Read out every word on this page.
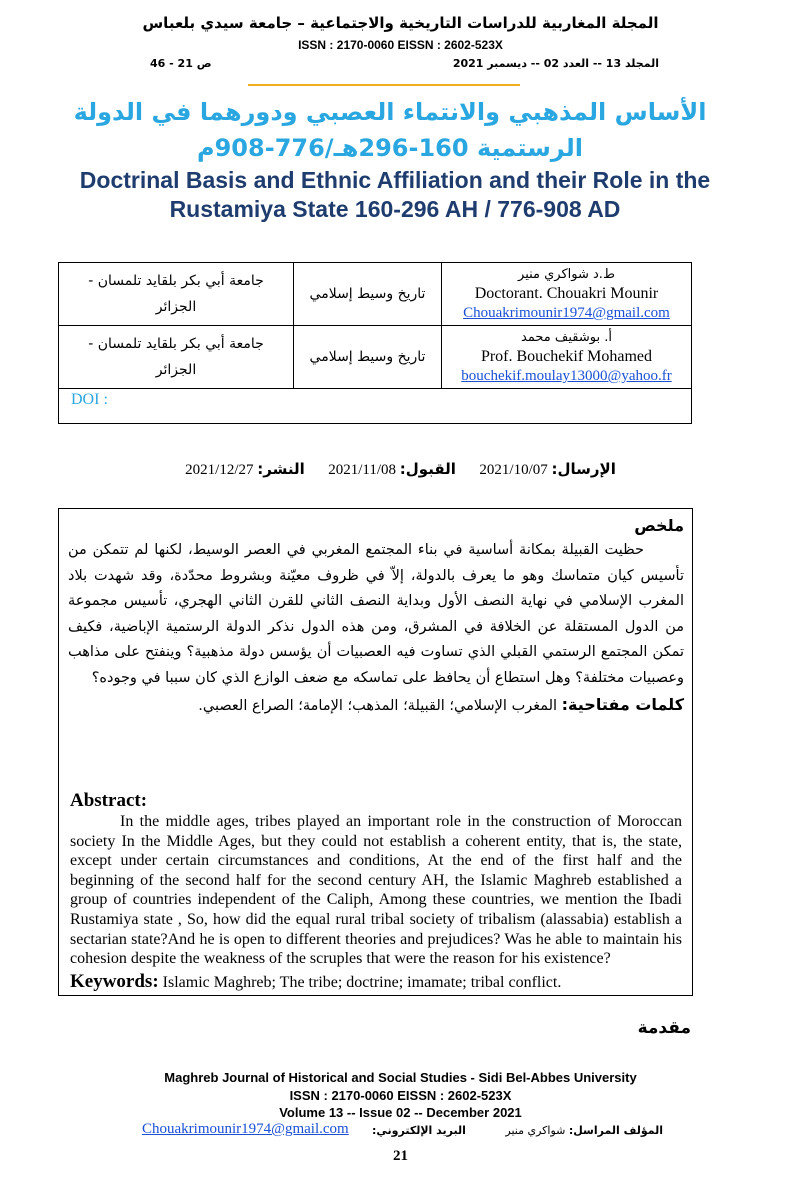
المجلة المغاربية للدراسات التاريخية والاجتماعية – جامعة سيدي بلعباس
ISSN : 2170-0060 EISSN : 2602-523X
المجلد 13 -- العدد 02 -- ديسمبر 2021
ص 21 - 46
الأساس المذهبي والانتماء العصبي ودورهما في الدولة الرستمية 160-296هـ/776-908م
Doctrinal Basis and Ethnic Affiliation and their Role in the Rustamiya State 160-296 AH / 776-908 AD
ط.د شواكري منير
Doctorant. Chouakri Mounir
Chouakrimounir1974@gmail.com	تاريخ وسيط إسلامي	جامعة أبي بكر بلقايد تلمسان - الجزائر

أ. بوشقيف محمد
Prof. Bouchekif Mohamed
bouchekif.moulay13000@yahoo.fr	تاريخ وسيط إسلامي	جامعة أبي بكر بلقايد تلمسان - الجزائر
DOI :		
الإرسال: 2021/10/07  القبول: 2021/11/08  النشر: 2021/12/27
ملخص
حظيت القبيلة بمكانة أساسية في بناء المجتمع المغربي في العصر الوسيط، لكنها لم تتمكن من تأسيس كيان متماسك وهو ما يعرف بالدولة، إلاّ في ظروف معيّنة وبشروط محدّدة، وقد شهدت بلاد المغرب الإسلامي في نهاية النصف الأول وبداية النصف الثاني للقرن الثاني الهجري، تأسيس مجموعة من الدول المستقلة عن الخلافة في المشرق، ومن هذه الدول نذكر الدولة الرستمية الإباضية، فكيف تمكن المجتمع الرستمي القبلي الذي تساوت فيه العصبيات أن يؤسس دولة مذهبية؟ وينفتح على مذاهب وعصبيات مختلفة؟ وهل استطاع أن يحافظ على تماسكه مع ضعف الوازع الذي كان سببا في وجوده؟
كلمات مفتاحية: المغرب الإسلامي؛ القبيلة؛ المذهب؛ الإمامة؛ الصراع العصبي.
Abstract:
In the middle ages, tribes played an important role in the construction of Moroccan society In the Middle Ages, but they could not establish a coherent entity, that is, the state, except under certain circumstances and conditions, At the end of the first half and the beginning of the second half for the second century AH, the Islamic Maghreb established a group of countries independent of the Caliph, Among these countries, we mention the Ibadi Rustamiya state , So, how did the equal rural tribal society of tribalism (alassabia) establish a sectarian state?And he is open to different theories and prejudices? Was he able to maintain his cohesion despite the weakness of the scruples that were the reason for his existence?
Keywords: Islamic Maghreb; The tribe; doctrine; imamate; tribal conflict.
مقدمة
Maghreb Journal of Historical and Social Studies - Sidi Bel-Abbes University
ISSN : 2170-0060 EISSN : 2602-523X
Volume 13 -- Issue 02 -- December 2021
المؤلف المراسل: شواكري منير
البريد الإلكتروني:
Chouakrimounir1974@gmail.com
21
